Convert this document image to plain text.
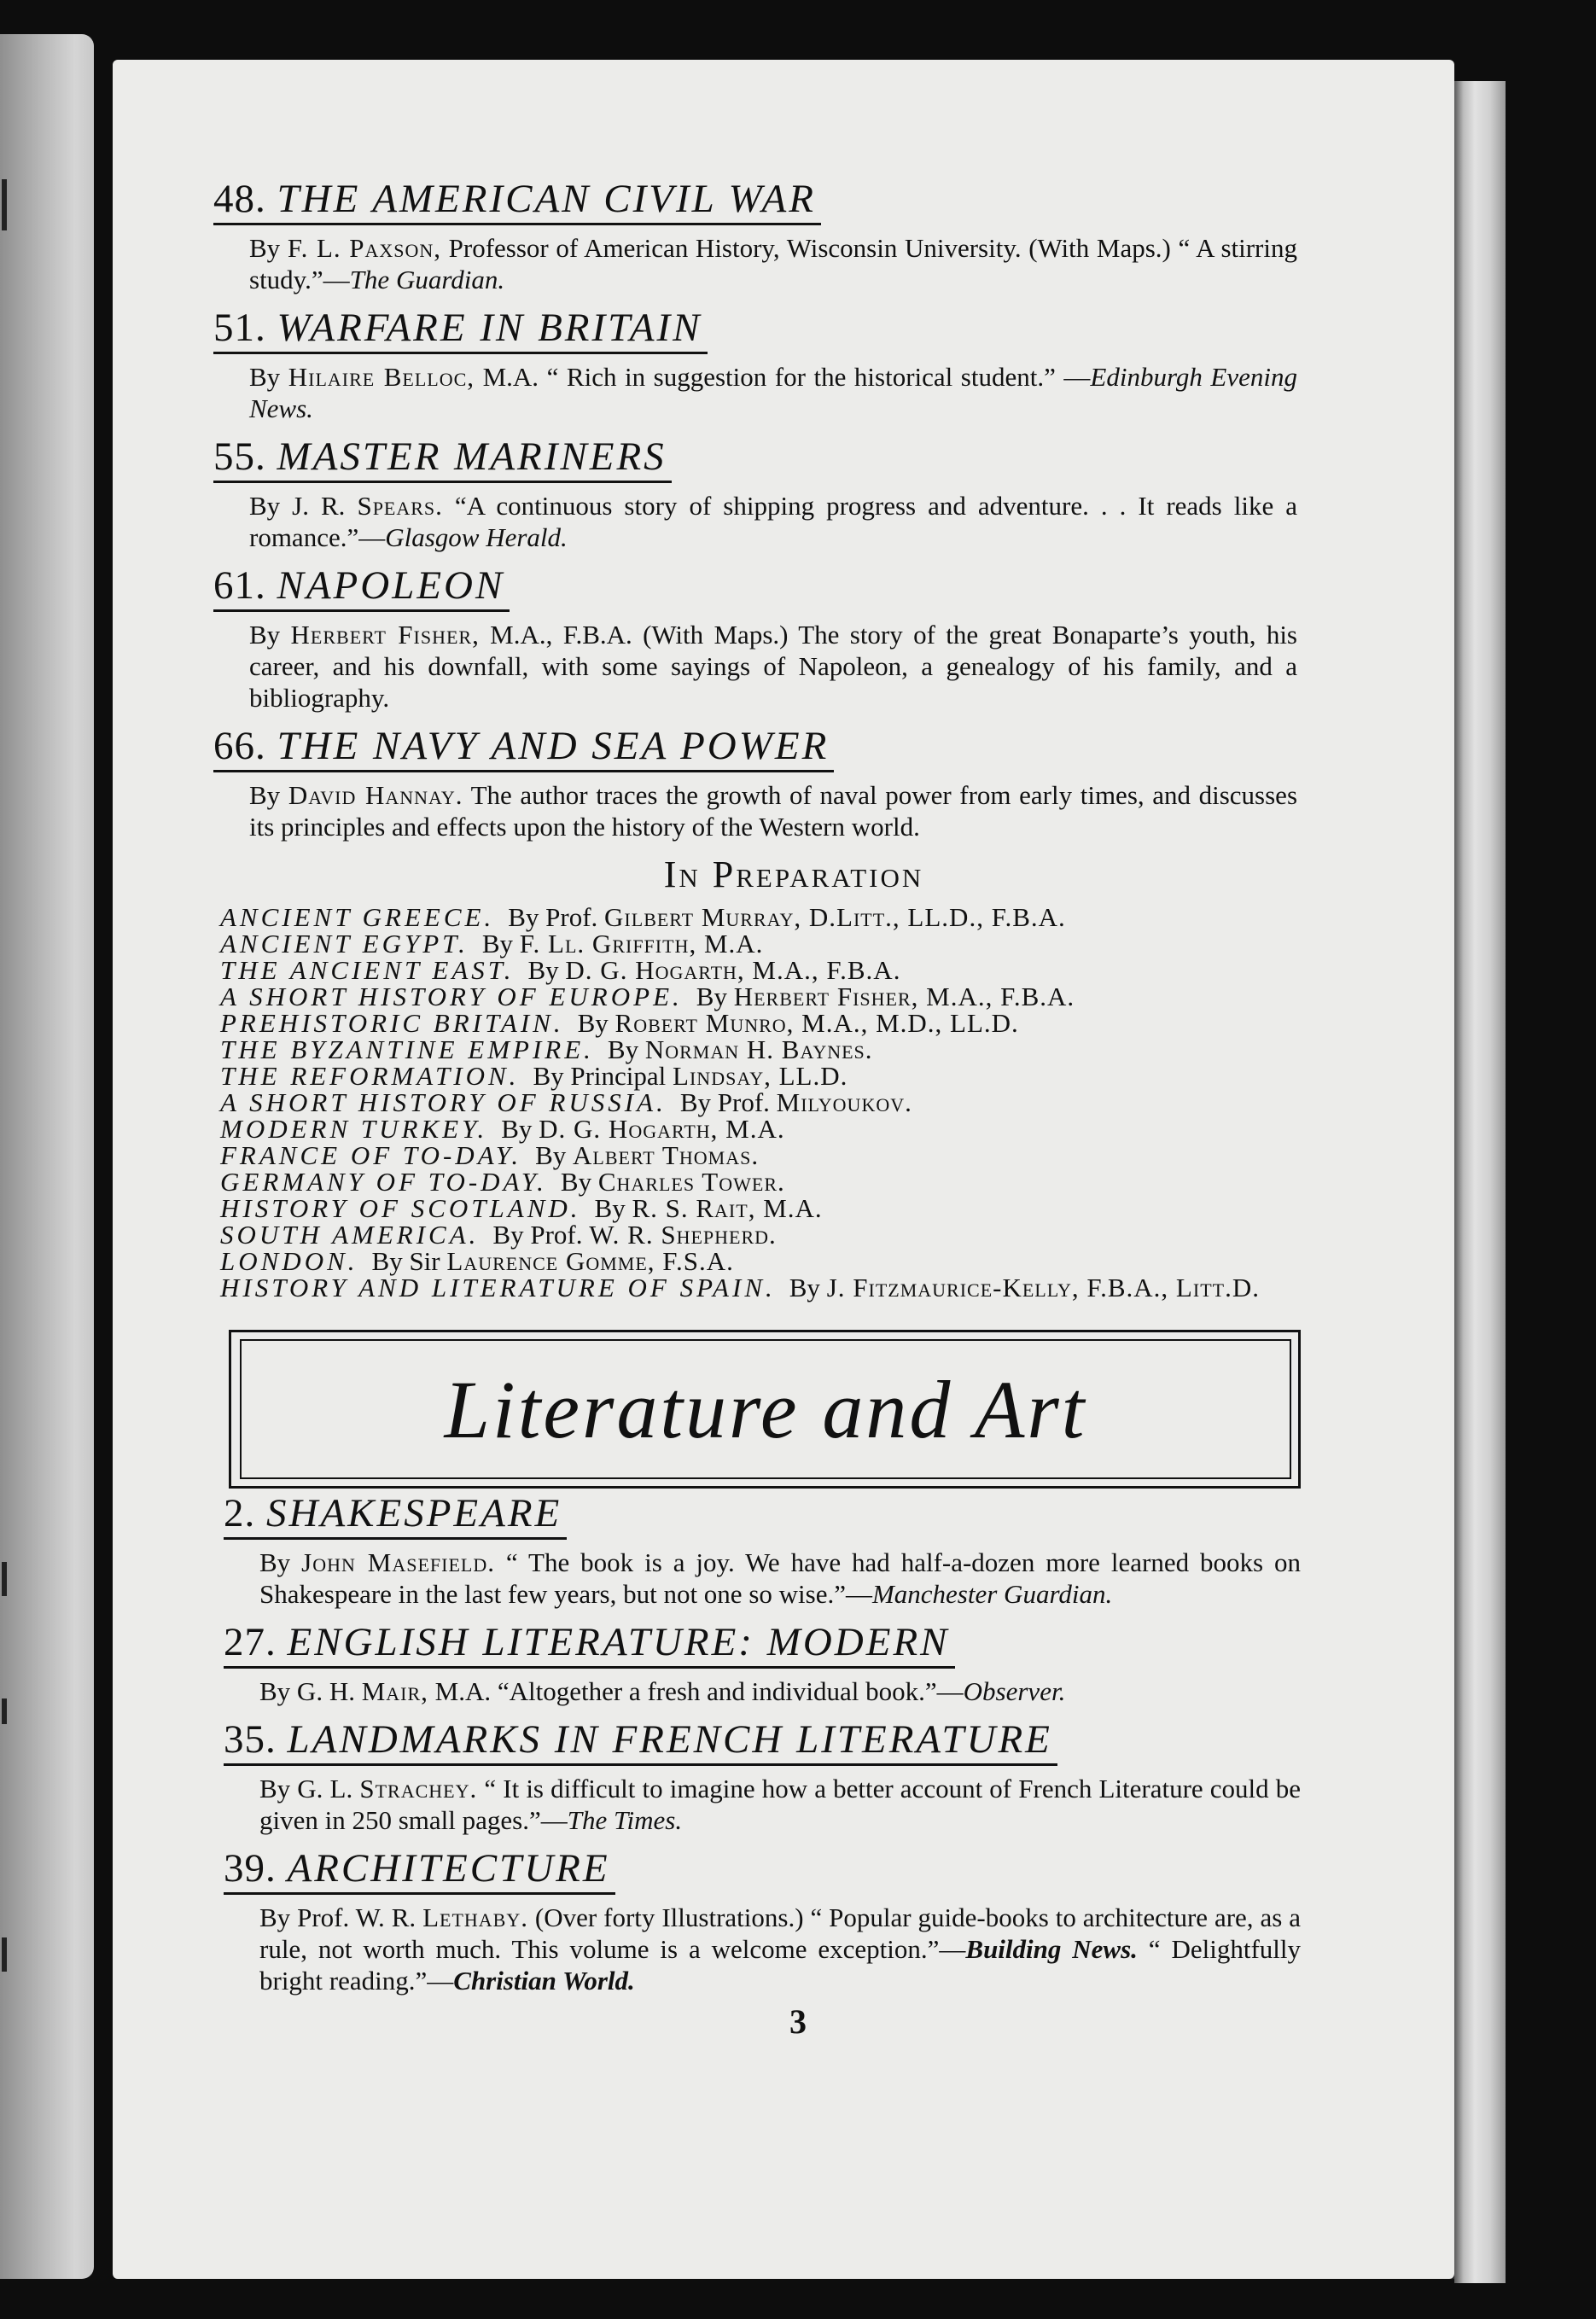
48. THE AMERICAN CIVIL WAR
By F. L. Paxson, Professor of American History, Wisconsin University. (With Maps.) “ A stirring study.”—The Guardian.
51. WARFARE IN BRITAIN
By Hilaire Belloc, M.A. “ Rich in suggestion for the historical student.” —Edinburgh Evening News.
55. MASTER MARINERS
By J. R. Spears. “A continuous story of shipping progress and adventure. . . It reads like a romance.”—Glasgow Herald.
61. NAPOLEON
By Herbert Fisher, M.A., F.B.A. (With Maps.) The story of the great Bonaparte’s youth, his career, and his downfall, with some sayings of Napoleon, a genealogy of his family, and a bibliography.
66. THE NAVY AND SEA POWER
By David Hannay. The author traces the growth of naval power from early times, and discusses its principles and effects upon the history of the Western world.
In Preparation
ANCIENT GREECE. By Prof. Gilbert Murray, D.Litt., LL.D., F.B.A.
ANCIENT EGYPT. By F. Ll. Griffith, M.A.
THE ANCIENT EAST. By D. G. Hogarth, M.A., F.B.A.
A SHORT HISTORY OF EUROPE. By Herbert Fisher, M.A., F.B.A.
PREHISTORIC BRITAIN. By Robert Munro, M.A., M.D., LL.D.
THE BYZANTINE EMPIRE. By Norman H. Baynes.
THE REFORMATION. By Principal Lindsay, LL.D.
A SHORT HISTORY OF RUSSIA. By Prof. Milyoukov.
MODERN TURKEY. By D. G. Hogarth, M.A.
FRANCE OF TO-DAY. By Albert Thomas.
GERMANY OF TO-DAY. By Charles Tower.
HISTORY OF SCOTLAND. By R. S. Rait, M.A.
SOUTH AMERICA. By Prof. W. R. Shepherd.
LONDON. By Sir Laurence Gomme, F.S.A.
HISTORY AND LITERATURE OF SPAIN. By J. Fitzmaurice-Kelly, F.B.A., Litt.D.
Literature and Art
2. SHAKESPEARE
By John Masefield. “ The book is a joy. We have had half-a-dozen more learned books on Shakespeare in the last few years, but not one so wise.”—Manchester Guardian.
27. ENGLISH LITERATURE: MODERN
By G. H. Mair, M.A. “Altogether a fresh and individual book.”—Observer.
35. LANDMARKS IN FRENCH LITERATURE
By G. L. Strachey. “ It is difficult to imagine how a better account of French Literature could be given in 250 small pages.”—The Times.
39. ARCHITECTURE
By Prof. W. R. Lethaby. (Over forty Illustrations.) “ Popular guide-books to architecture are, as a rule, not worth much. This volume is a welcome exception.”—Building News. “ Delightfully bright reading.”—Christian World.
3
